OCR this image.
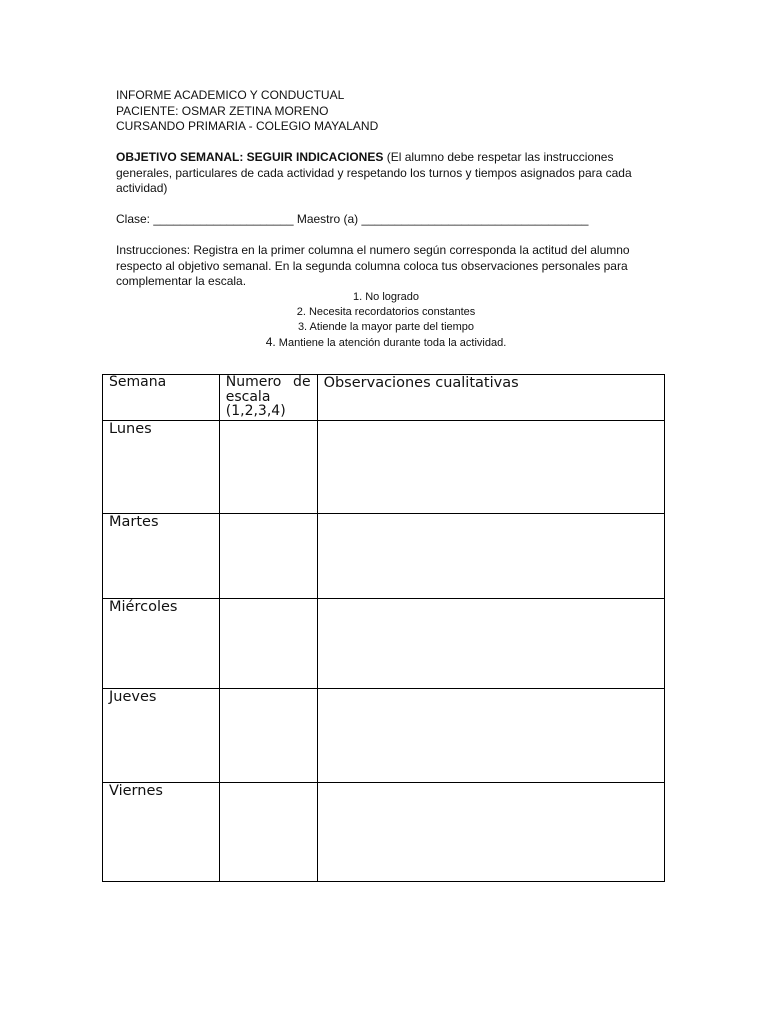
INFORME ACADEMICO Y CONDUCTUAL
PACIENTE: OSMAR ZETINA MORENO
CURSANDO PRIMARIA - COLEGIO MAYALAND
OBJETIVO SEMANAL: SEGUIR INDICACIONES (El alumno debe respetar las instrucciones generales, particulares de cada actividad y respetando los turnos y tiempos asignados para cada actividad)
Clase: _____________________ Maestro (a) __________________________________
Instrucciones: Registra en la primer columna el numero según corresponda la actitud del alumno respecto al objetivo semanal. En la segunda columna coloca tus observaciones personales para complementar la escala.
1. No logrado
2. Necesita recordatorios constantes
3. Atiende la mayor parte del tiempo
4. Mantiene la atención durante toda la actividad.
Semana	Numero de escala (1,2,3,4)	Observaciones cualitativas

Lunes		

Martes		

Miércoles		

Jueves		

Viernes		
